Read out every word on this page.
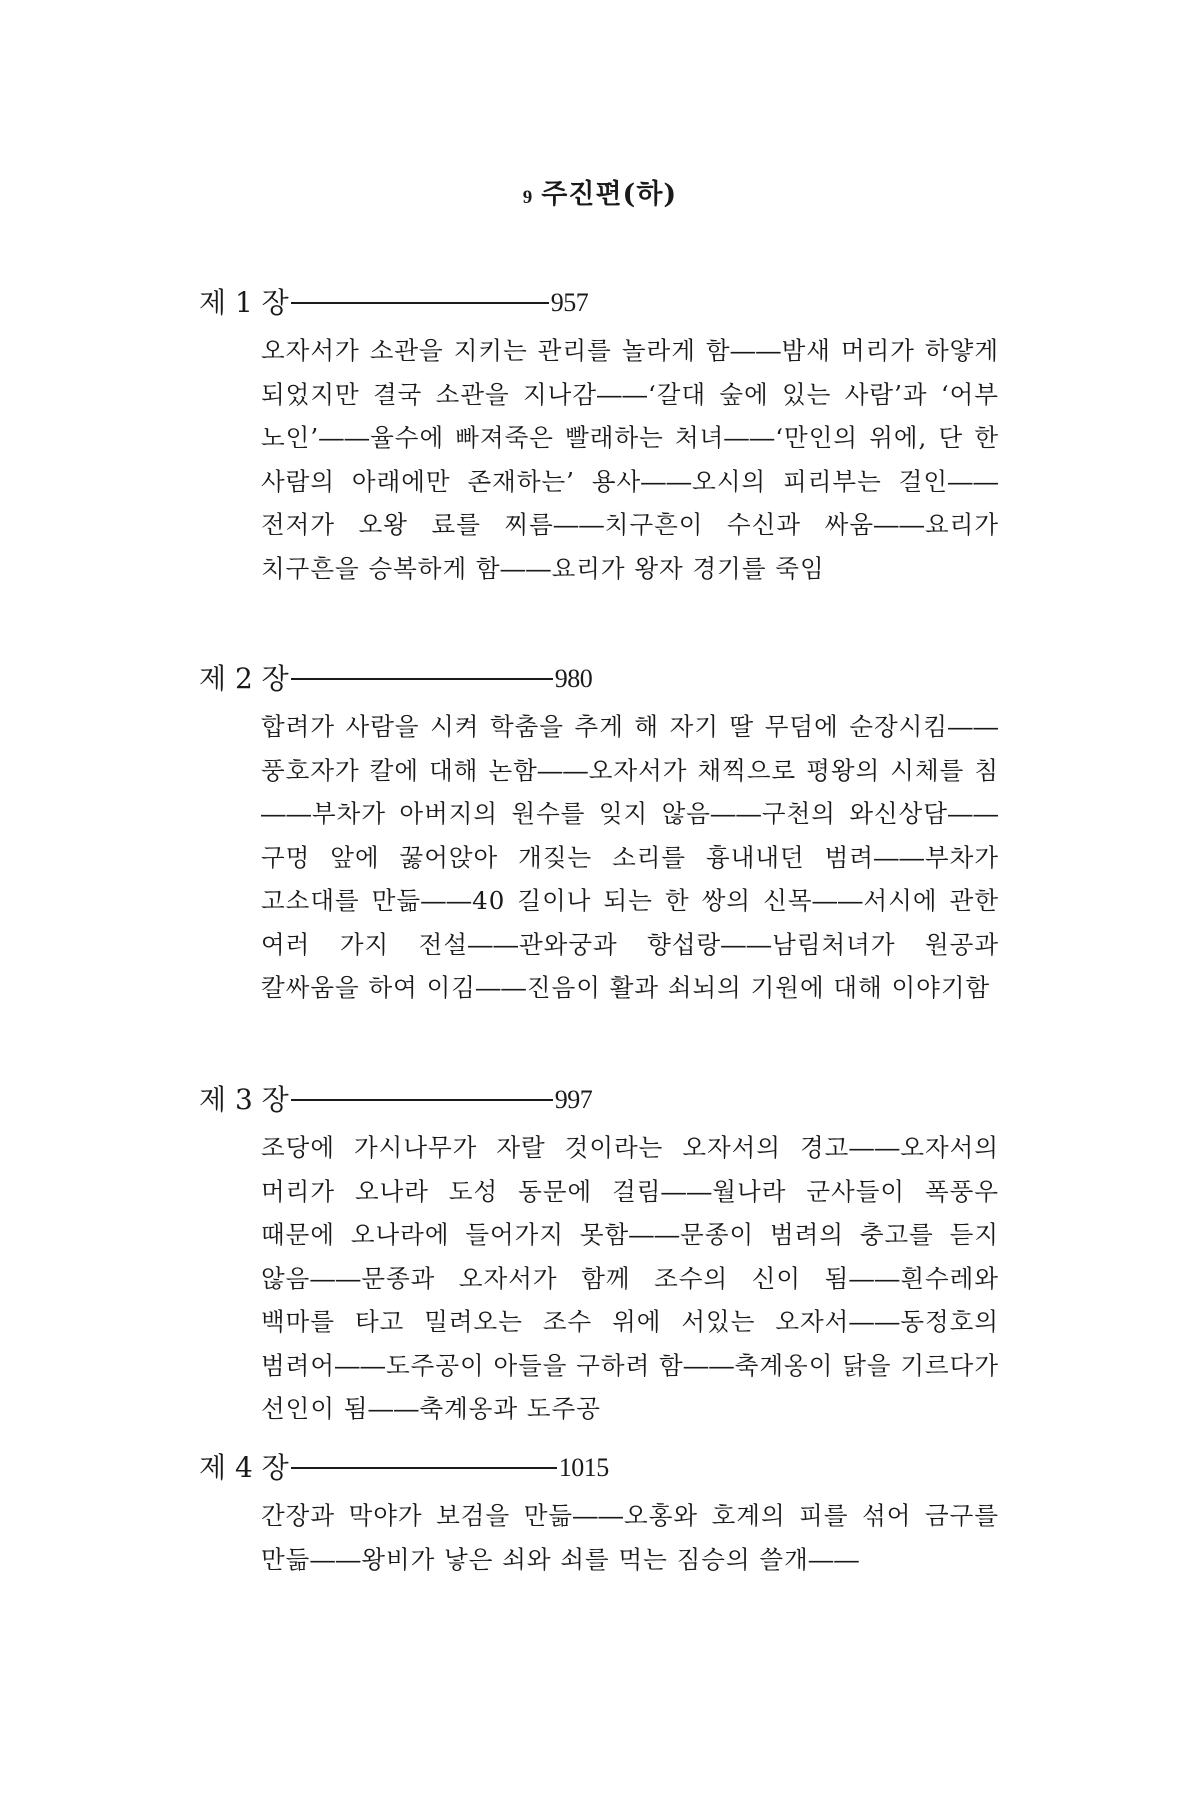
9 주진편(하)
제 1 장	957
오자서가 소관을 지키는 관리를 놀라게 함――밤새 머리가 하얗게 되었지만 결국 소관을 지나감――‘갈대 숲에 있는 사람’과 ‘어부 노인’――율수에 빠져죽은 빨래하는 처녀――‘만인의 위에, 단 한 사람의 아래에만 존재하는’ 용사――오시의 피리부는 걸인――전저가 오왕 료를 찌름――치구흔이 수신과 싸움――요리가 치구흔을 승복하게 함――요리가 왕자 경기를 죽임
제 2 장	980
합려가 사람을 시켜 학춤을 추게 해 자기 딸 무덤에 순장시킴――풍호자가 칼에 대해 논함――오자서가 채찍으로 평왕의 시체를 침――부차가 아버지의 원수를 잊지 않음――구천의 와신상담――구멍 앞에 꿇어앉아 개짖는 소리를 흉내내던 범려――부차가 고소대를 만듦――40 길이나 되는 한 쌍의 신목――서시에 관한 여러 가지 전설――관와궁과 향섭랑――남림처녀가 원공과 칼싸움을 하여 이김――진음이 활과 쇠뇌의 기원에 대해 이야기함
제 3 장	997
조당에 가시나무가 자랄 것이라는 오자서의 경고――오자서의 머리가 오나라 도성 동문에 걸림――월나라 군사들이 폭풍우 때문에 오나라에 들어가지 못함――문종이 범려의 충고를 듣지 않음――문종과 오자서가 함께 조수의 신이 됨――흰수레와 백마를 타고 밀려오는 조수 위에 서있는 오자서――동정호의 범려어――도주공이 아들을 구하려 함――축계옹이 닭을 기르다가 선인이 됨――축계옹과 도주공
제 4 장	1015
간장과 막야가 보검을 만듦――오홍와 호계의 피를 섞어 금구를 만듦――왕비가 낳은 쇠와 쇠를 먹는 짐승의 쓸개――
